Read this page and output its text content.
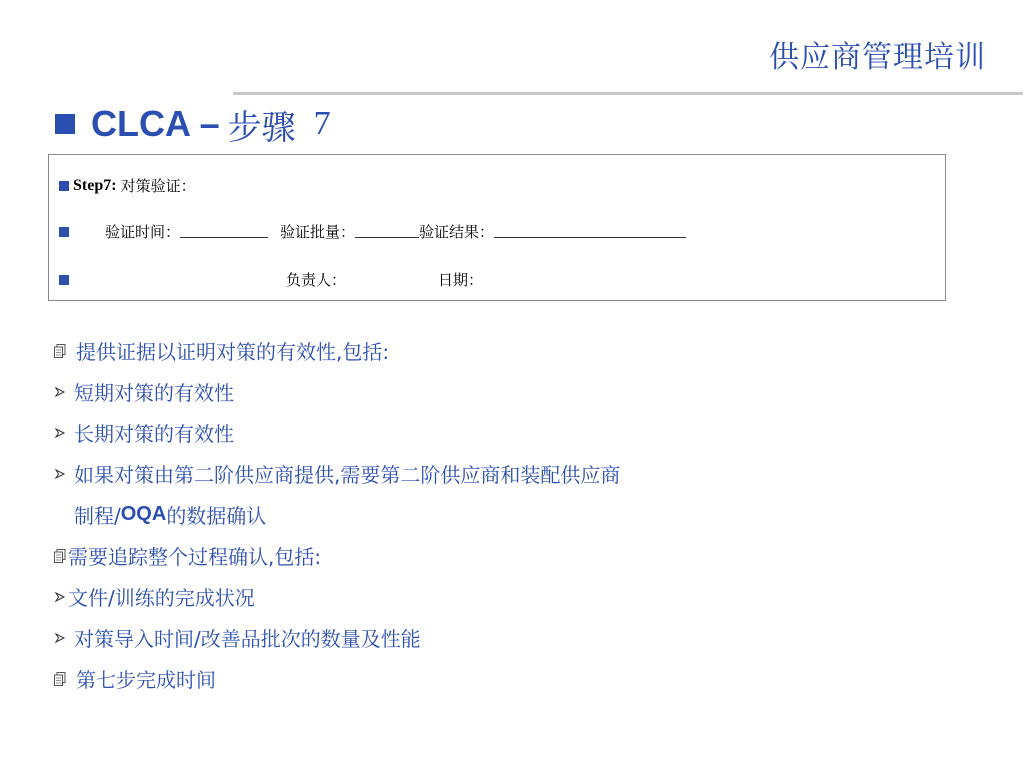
供应商管理培训
CLCA – 步骤 7
Step7: 对策验证：
验证时间： ___________ 验证批量： ________ 验证结果： ________________________
负责人：	日期：
提供证据以证明对策的有效性,包括:
短期对策的有效性
长期对策的有效性
如果对策由第二阶供应商提供,需要第二阶供应商和装配供应商
制程/ OQA 的数据确认
需要追踪整个过程确认,包括:
文件/训练的完成状况
对策导入时间/改善品批次的数量及性能
第七步完成时间
